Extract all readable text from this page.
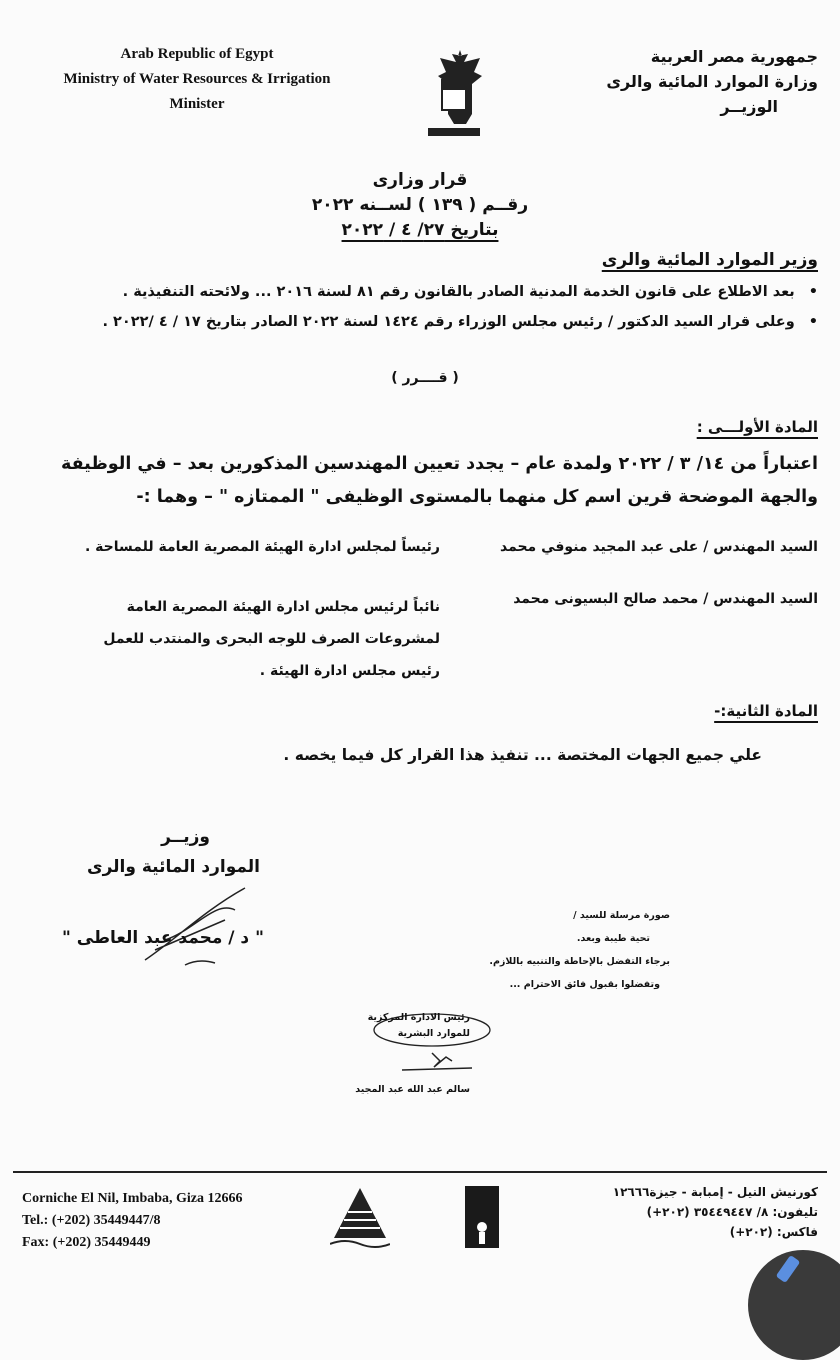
Arab Republic of Egypt
Ministry of Water Resources & Irrigation
Minister
جمهورية مصر العربية
وزارة الموارد المائية والرى
الوزيــر
قرار وزارى
رقــم ( ١٣٩ ) لســنه ٢٠٢٢
بتاريخ ٢٧/ ٤ / ٢٠٢٢
وزير الموارد المائية والرى
• بعد الاطلاع على قانون الخدمة المدنية الصادر بالقانون رقم ٨١ لسنة ٢٠١٦ ... ولائحته التنفيذية .
• وعلى قرار السيد الدكتور / رئيس مجلس الوزراء رقم ١٤٢٤ لسنة ٢٠٢٢ الصادر بتاريخ ١٧ / ٤ /٢٠٢٢ .
( قــــرر )
المادة الأولـــى :
اعتباراً من ١٤/ ٣ / ٢٠٢٢ ولمدة عام – يجدد تعيين المهندسين المذكورين بعد – في الوظيفة
والجهة الموضحة قرين اسم كل منهما بالمستوى الوظيفى " الممتازه " – وهما :-
السيد المهندس / على عبد المجيد منوفي محمد
رئيساً لمجلس ادارة الهيئة المصرية العامة للمساحة .
السيد المهندس / محمد صالح البسيونى محمد
نائباً لرئيس مجلس ادارة الهيئة المصرية العامة
لمشروعات الصرف للوجه البحرى والمنتدب للعمل
رئيس مجلس ادارة الهيئة .
المادة الثانية:-
علي جميع الجهات المختصة ... تنفيذ هذا القرار كل فيما يخصه .
وزيــر
الموارد المائية والرى
" د / محمد عبد العاطى "
صورة مرسلة للسيد /
تحية طيبة وبعد.
برجاء التفضل بالإحاطة والتنبيه باللازم.
وتفضلوا بقبول فائق الاحترام ...
رئيس الادارة المركزية
للموارد البشرية
سالم عبد الله عبد المجيد
Corniche El Nil, Imbaba, Giza 12666
Tel.: (+202) 35449447/8
Fax: (+202) 35449449
كورنيش النيل - إمبابة - جيزة١٢٦٦٦
تليفون: ٨/ ٣٥٤٤٩٤٤٧ (٢٠٢+)
فاكس: (٢٠٢+)
